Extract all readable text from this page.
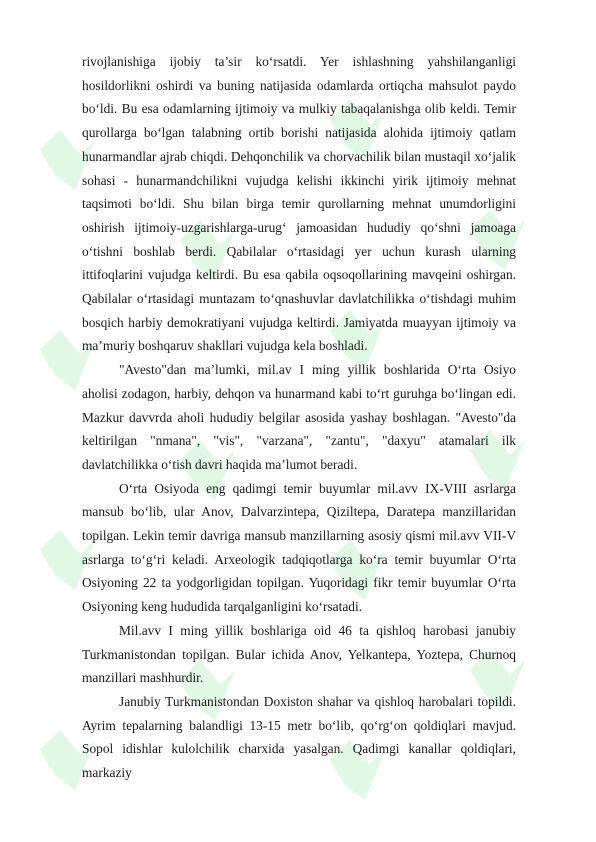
rivojlanishiga ijobiy ta’sir ko‘rsatdi. Yer ishlashning yahshilanganligi hosildorlikni oshirdi va buning natijasida odamlarda ortiqcha mahsulot paydo bo‘ldi. Bu esa odamlarning ijtimoiy va mulkiy tabaqalanishga olib keldi. Temir qurollarga bo‘lgan talabning ortib borishi natijasida alohida ijtimoiy qatlam hunarmandlar ajrab chiqdi. Dehqonchilik va chorvachilik bilan mustaqil xo‘jalik sohasi - hunarmandchilikni vujudga kelishi ikkinchi yirik ijtimoiy mehnat taqsimoti bo‘ldi. Shu bilan birga temir qurollarning mehnat unumdorligini oshirish ijtimoiy-uzgarishlarga-urug‘ jamoasidan hududiy qo‘shni jamoaga o‘tishni boshlab berdi. Qabilalar o‘rtasidagi yer uchun kurash ularning ittifoqlarini vujudga keltirdi. Bu esa qabila oqsoqollarining mavqeini oshirgan. Qabilalar o‘rtasidagi muntazam to‘qnashuvlar davlatchilikka o‘tishdagi muhim bosqich harbiy demokratiyani vujudga keltirdi. Jamiyatda muayyan ijtimoiy va ma’muriy boshqaruv shakllari vujudga kela boshladi.

"Avesto"dan ma’lumki, mil.av I ming yillik boshlarida O‘rta Osiyo aholisi zodagon, harbiy, dehqon va hunarmand kabi to‘rt guruhga bo‘lingan edi. Mazkur davvrda aholi hududiy belgilar asosida yashay boshlagan. "Avesto"da keltirilgan "nmana", "vis", "varzana", "zantu", "daxyu" atamalari ilk davlatchilikka o‘tish davri haqida ma’lumot beradi.

O‘rta Osiyoda eng qadimgi temir buyumlar mil.avv IX-VIII asrlarga mansub bo‘lib, ular Anov, Dalvarzintepa, Qiziltepa, Daratepa manzillaridan topilgan. Lekin temir davriga mansub manzillarning asosiy qismi mil.avv VII-V asrlarga to‘g‘ri keladi. Arxeologik tadqiqotlarga ko‘ra temir buyumlar O‘rta Osiyoning 22 ta yodgorligidan topilgan. Yuqoridagi fikr temir buyumlar O‘rta Osiyoning keng hududida tarqalganligini ko‘rsatadi.

Mil.avv I ming yillik boshlariga oid 46 ta qishloq harobasi janubiy Turkmanistondan topilgan. Bular ichida Anov, Yelkantepa, Yoztepa, Churnoq manzillari mashhurdir.

Janubiy Turkmanistondan Doxiston shahar va qishloq harobalari topildi. Ayrim tepalarning balandligi 13-15 metr bo‘lib, qo‘rg‘on qoldiqlari mavjud. Sopol idishlar kulolchilik charxida yasalgan. Qadimgi kanallar qoldiqlari, markaziy
